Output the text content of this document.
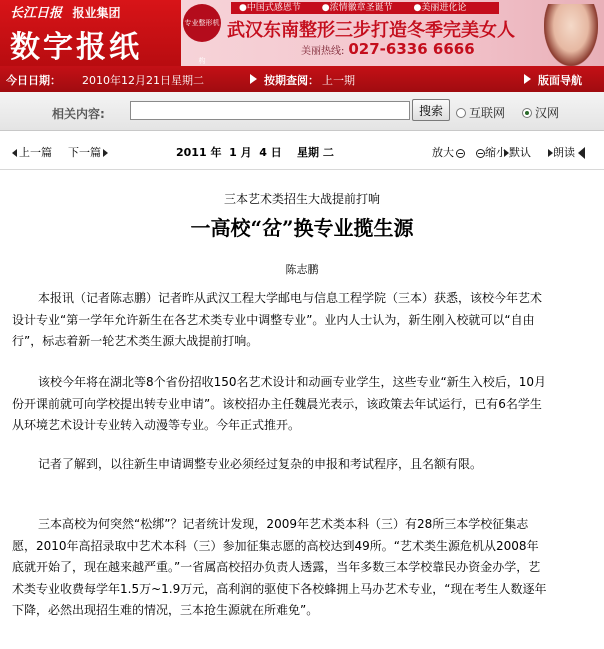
长江日报 报业集团
数字报纸
专业整形机构
●中国式感恩节 ●浓情徽章圣诞节 ●美丽进化论
武汉东南整形三步打造冬季完美女人
美丽热线: 027-6336 6666
今日日期： 2010年12月21日星期二	按期查阅： 上一期	版面导航
相关内容:	搜索	互联网 汉网
上一篇 下一篇	2011 年  1 月  4 日    星期 二	放大	缩小 默认	朗读
三本艺术类招生大战提前打响
一高校“岔”换专业揽生源
陈志鹏

本报讯（记者陈志鹏）记者昨从武汉工程大学邮电与信息工程学院（三本）获悉，该校今年艺术设计专业“第一学年允许新生在各艺术类专业中调整专业”。业内人士认为，新生刚入校就可以“自由行”，标志着新一轮艺术类生源大战提前打响。

该校今年将在湖北等8个省份招收150名艺术设计和动画专业学生，这些专业“新生入校后，10月份开课前就可向学校提出转专业申请”。该校招办主任魏晨光表示，该政策去年试运行，已有6名学生从环境艺术设计专业转入动漫等专业。今年正式推开。

记者了解到，以往新生申请调整专业必须经过复杂的申报和考试程序，且名额有限。

三本高校为何突然“松绑”？记者统计发现，2009年艺术类本科（三）有28所三本学校征集志愿，2010年高招录取中艺术本科（三）参加征集志愿的高校达到49所。“艺术类生源危机从2008年底就开始了，现在越来越严重。”一省属高校招办负责人透露，当年多数三本学校靠民办资金办学，艺术类专业收费每学年1.5万~1.9万元，高利润的驱使下各校蜂拥上马办艺术专业，“现在考生人数逐年下降，必然出现招生难的情况，三本抢生源就在所难免”。
